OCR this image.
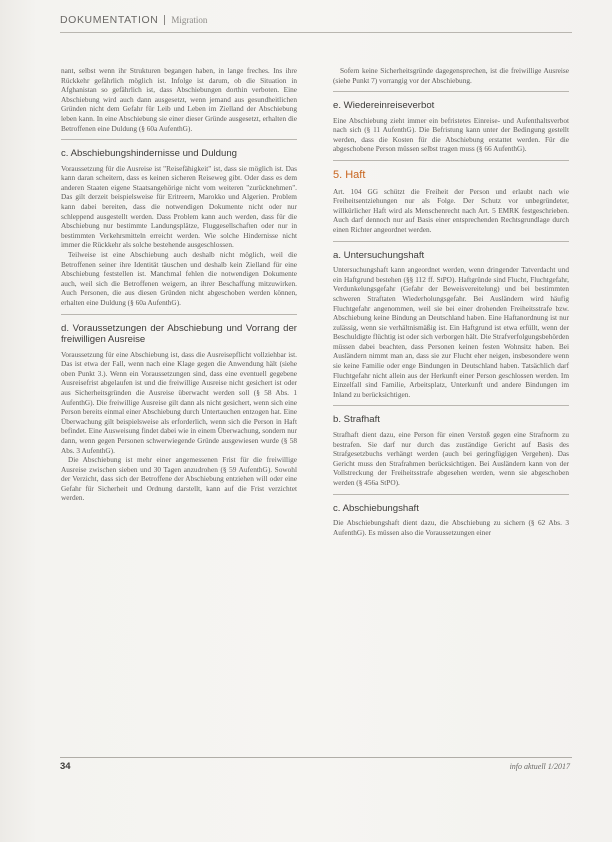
DOKUMENTATION Migration

nant, selbst wenn ihr Strukturen begangen haben, in lange freches. Ins ihre Rückkehr gefährlich möglich ist. Infolge ist darum, ob die Situation in Afghanistan so gefährlich ist, dass Abschiebungen dorthin verboten. Eine Abschiebung wird auch dann ausgesetzt, wenn jemand aus gesundheitlichen Gründen nicht dem Gefahr für Leib und Leben im Zielland der Abschiebung leben kann. In eine Abschiebung sie einer dieser Gründe ausgesetzt, erhalten die Betroffenen eine Duldung (§ 60a AufenthG).

c. Abschiebungshindernisse und Duldung

Voraussetzung für die Ausreise ist "Reisefähigkeit" ist, dass sie möglich ist. Das kann daran scheitern, dass es keinen sicheren Reiseweg gibt. Oder dass es dem anderen Staaten eigene Staatsangehörige nicht vom weiteren "zurücknehmen". Das gilt derzeit beispielsweise für Eritreern, Marokko und Algerien. Problem kann dabei bereiten, dass die notwendigen Dokumente nicht oder nur schleppend ausgestellt werden. Dass Problem kann auch werden, dass für die Abschiebung nur bestimmte Landungsplätze, Fluggesellschaften oder nur in bestimmten Verkehrsmitteln erreicht werden. Wie solche Hindernisse nicht immer die Rückkehr als solche bestehende ausgeschlossen.

Teilweise ist eine Abschiebung auch deshalb nicht möglich, weil die Betroffenen seiner ihre Identität täuschen und deshalb kein Zielland für eine Abschiebung feststellen ist. Manchmal fehlen die notwendigen Dokumente auch, weil sich die Betroffenen weigern, an ihrer Beschaffung mitzuwirken. Auch Personen, die aus diesen Gründen nicht abgeschoben werden können, erhalten eine Duldung (§ 60a AufenthG).

d. Voraussetzungen der Abschiebung und Vorrang der freiwilligen Ausreise

Voraussetzung für eine Abschiebung ist, dass die Ausreisepflicht vollziehbar ist. Das ist etwa der Fall, wenn nach eine Klage gegen die Anwendung hält (siehe oben Punkt 3.). Wenn ein Voraussetzungen sind, dass eine eventuell gegebene Ausreisefrist abgelaufen ist und die freiwillige Ausreise nicht gesichert ist oder aus Sicherheitsgründen die Ausreise überwacht werden soll (§ 58 Abs. 1 AufenthG). Die freiwillige Ausreise gilt dann als nicht gesichert, wenn sich eine Person bereits einmal einer Abschiebung durch Untertauchen entzogen hat. Eine Überwachung gilt beispielsweise als erforderlich, wenn sich die Person in Haft befindet. Eine Ausweisung findet dabei wie in einem Überwachung, sondern nur dann, wenn gegen Personen schwerwiegende Gründe ausgewiesen wurde (§ 58 Abs. 3 AufenthG).

Die Abschiebung ist mehr einer angemessenen Frist für die freiwillige Ausreise zwischen sieben und 30 Tagen anzudrohen (§ 59 AufenthG). Sowohl der Verzicht, dass sich der Betroffene der Abschiebung entziehen will oder eine Gefahr für Sicherheit und Ordnung darstellt, kann auf die Frist verzichtet werden.

Sofern keine Sicherheitsgründe dagegensprechen, ist die freiwillige Ausreise (siehe Punkt 7) vorrangig vor der Abschiebung.

e. Wiedereinreiseverbot

Eine Abschiebung zieht immer ein befristetes Einreise- und Aufenthaltsverbot nach sich (§ 11 AufenthG). Die Befristung kann unter der Bedingung gestellt werden, dass die Kosten für die Abschiebung erstattet werden. Für die abgeschobene Person müssen selbst tragen muss (§ 66 AufenthG).

5. Haft

Art. 104 GG schützt die Freiheit der Person und erlaubt nach wie Freiheitsentziehungen nur als Folge. Der Schutz vor unbegründeter, willkürlicher Haft wird als Menschenrecht nach Art. 5 EMRK festgeschrieben. Auch darf dennoch nur auf Basis einer entsprechenden Rechtsgrundlage durch einen Richter angeordnet werden.

a. Untersuchungshaft

Untersuchungshaft kann angeordnet werden, wenn dringender Tatverdacht und ein Haftgrund bestehen (§§ 112 ff. StPO). Haftgründe sind Flucht, Fluchtgefahr, Verdunkelungsgefahr (Gefahr der Beweisvereitelung) und bei bestimmten schweren Straftaten Wiederholungsgefahr. Bei Ausländern wird häufig Fluchtgefahr angenommen, weil sie bei einer drohenden Freiheitsstrafe bzw. Abschiebung keine Bindung an Deutschland haben. Eine Haftanordnung ist nur zulässig, wenn sie verhältnismäßig ist. Ein Haftgrund ist etwa erfüllt, wenn der Beschuldigte flüchtig ist oder sich verborgen hält. Die Strafverfolgungsbehörden müssen dabei beachten, dass Personen keinen festen Wohnsitz haben. Bei Ausländern nimmt man an, dass sie zur Flucht eher neigen, insbesondere wenn sie keine Familie oder enge Bindungen in Deutschland haben. Tatsächlich darf Fluchtgefahr nicht allein aus der Herkunft einer Person geschlossen werden. Im Einzelfall sind Familie, Arbeitsplatz, Unterkunft und andere Bindungen im Inland zu berücksichtigen.

b. Strafhaft

Strafhaft dient dazu, eine Person für einen Verstoß gegen eine Strafnorm zu bestrafen. Sie darf nur durch das zuständige Gericht auf Basis des Strafgesetzbuchs verhängt werden (auch bei geringfügigen Vergehen). Das Gericht muss den Strafrahmen berücksichtigen. Bei Ausländern kann von der Vollstreckung der Freiheitsstrafe abgesehen werden, wenn sie abgeschoben werden (§ 456a StPO).

c. Abschiebungshaft

Die Abschiebungshaft dient dazu, die Abschiebung zu sichern (§ 62 Abs. 3 AufenthG). Es müssen also die Voraussetzungen einer

34	info aktuell 1/2017
